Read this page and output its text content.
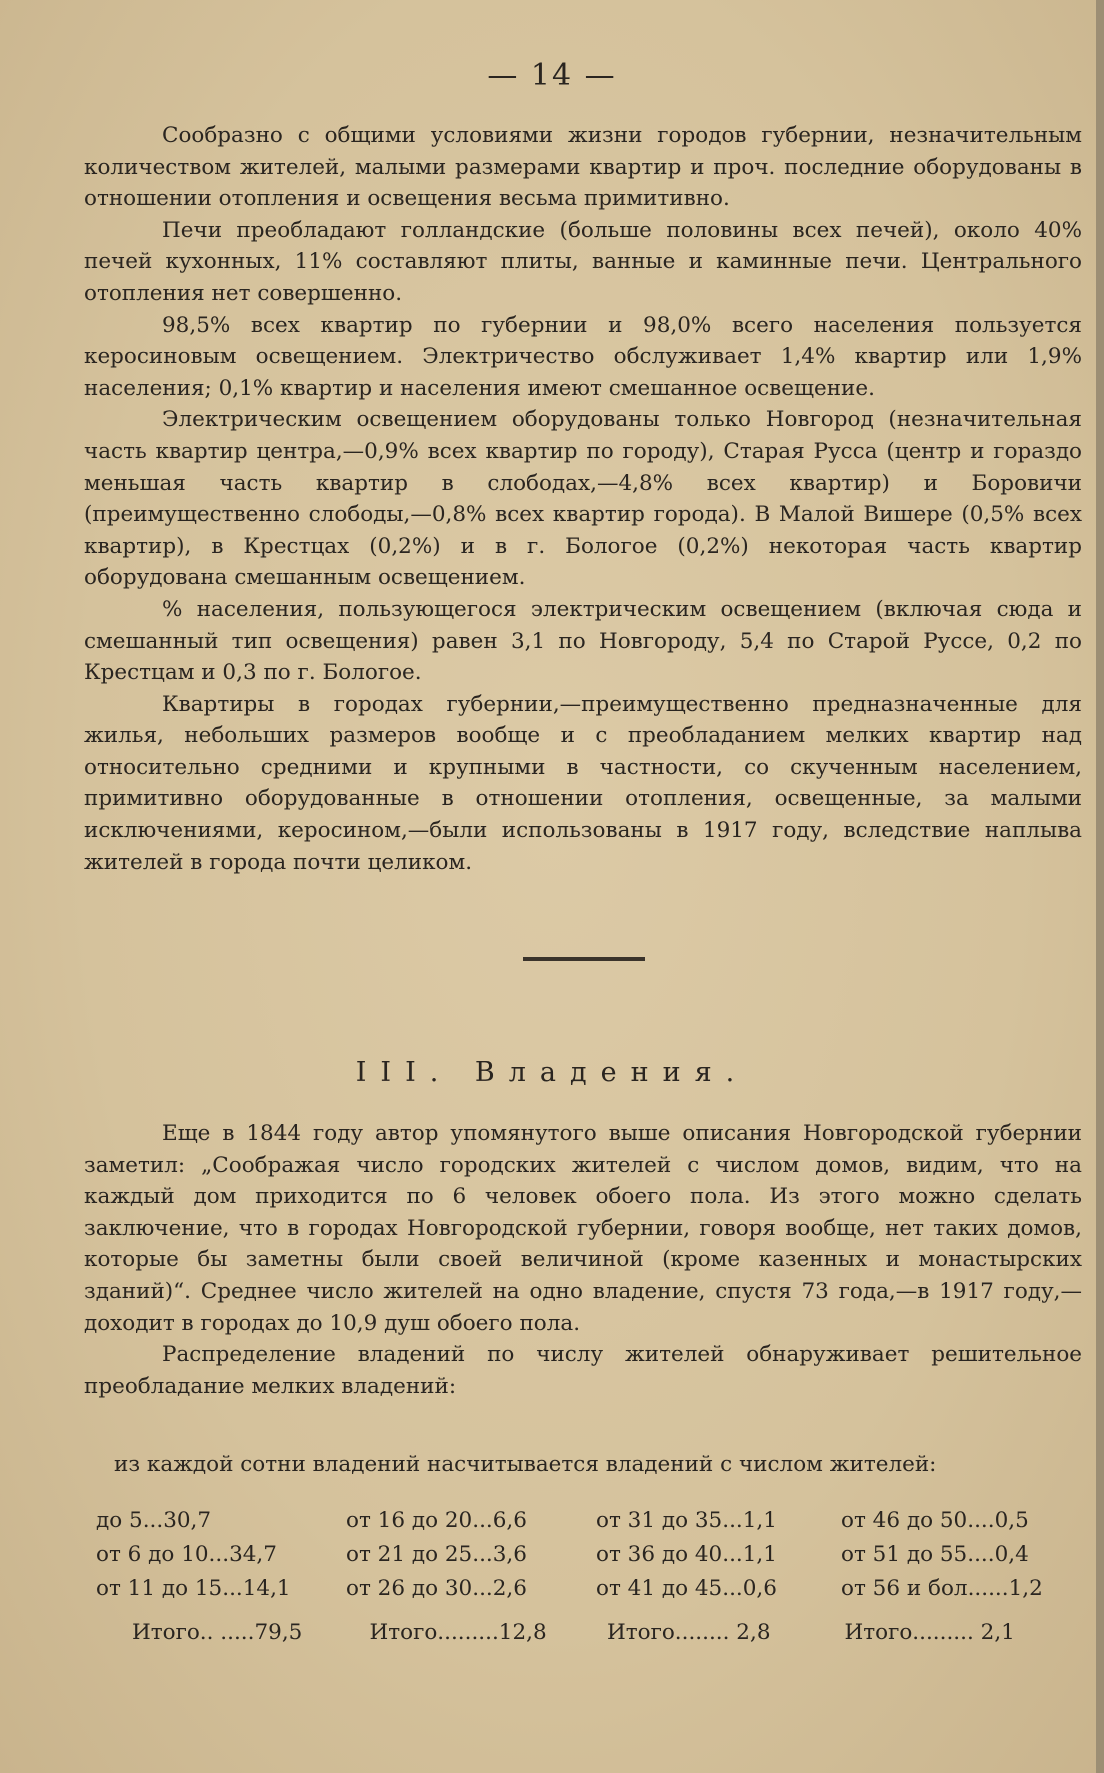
— 14 —

Сообразно с общими условиями жизни городов губернии, незначительным количеством жителей, малыми размерами квартир и проч. последние оборудованы в отношении отопления и освещения весьма примитивно.

Печи преобладают голландские (больше половины всех печей), около 40% печей кухонных, 11% составляют плиты, ванные и каминные печи. Центрального отопления нет совершенно.

98,5% всех квартир по губернии и 98,0% всего населения пользуется керосиновым освещением. Электричество обслуживает 1,4% квартир или 1,9% населения; 0,1% квартир и населения имеют смешанное освещение.

Электрическим освещением оборудованы только Новгород (незначительная часть квартир центра,—0,9% всех квартир по городу), Старая Русса (центр и гораздо меньшая часть квартир в слободах,—4,8% всех квартир) и Боровичи (преимущественно слободы,—0,8% всех квартир города). В Малой Вишере (0,5% всех квартир), в Крестцах (0,2%) и в г. Бологое (0,2%) некоторая часть квартир оборудована смешанным освещением.

% населения, пользующегося электрическим освещением (включая сюда и смешанный тип освещения) равен 3,1 по Новгороду, 5,4 по Старой Руссе, 0,2 по Крестцам и 0,3 по г. Бологое.

Квартиры в городах губернии,—преимущественно предназначенные для жилья, небольших размеров вообще и с преобладанием мелких квартир над относительно средними и крупными в частности, со скученным населением, примитивно оборудованные в отношении отопления, освещенные, за малыми исключениями, керосином,—были использованы в 1917 году, вследствие наплыва жителей в города почти целиком.

III. Владения.

Еще в 1844 году автор упомянутого выше описания Новгородской губернии заметил: „Соображая число городских жителей с числом домов, видим, что на каждый дом приходится по 6 человек обоего пола. Из этого можно сделать заключение, что в городах Новгородской губернии, говоря вообще, нет таких домов, которые бы заметны были своей величиной (кроме казенных и монастырских зданий)“. Среднее число жителей на одно владение, спустя 73 года,—в 1917 году,—доходит в городах до 10,9 душ обоего пола.

Распределение владений по числу жителей обнаруживает решительное преобладание мелких владений:

из каждой сотни владений насчитывается владений с числом жителей:
до 5...30,7	от 16 до 20...6,6	от 31 до 35...1,1	от 46 до 50....0,5
от 6 до 10...34,7	от 21 до 25...3,6	от 36 до 40...1,1	от 51 до 55....0,4
от 11 до 15...14,1	от 26 до 30...2,6	от 41 до 45...0,6	от 56 и бол......1,2
Итого.. .....79,5	Итого.........12,8	Итого........ 2,8	Итого......... 2,1
